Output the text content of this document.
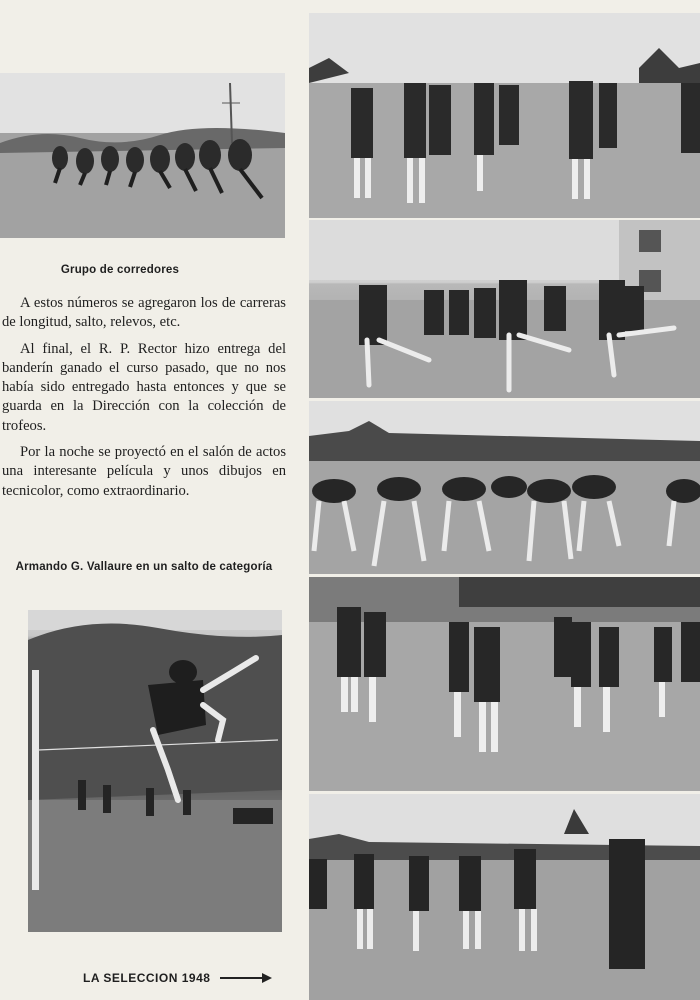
Grupo de corredores

A estos números se agregaron los de carreras de longitud, salto, relevos, etc.

Al final, el R. P. Rector hizo entrega del banderín ganado el curso pasado, que no nos había sido entregado hasta entonces y que se guarda en la Dirección con la colección de trofeos.

Por la noche se proyectó en el salón de actos una interesante película y unos dibujos en tecnicolor, como extraordinario.

Armando G. Vallaure en un salto de categoría
LA SELECCION 1948
